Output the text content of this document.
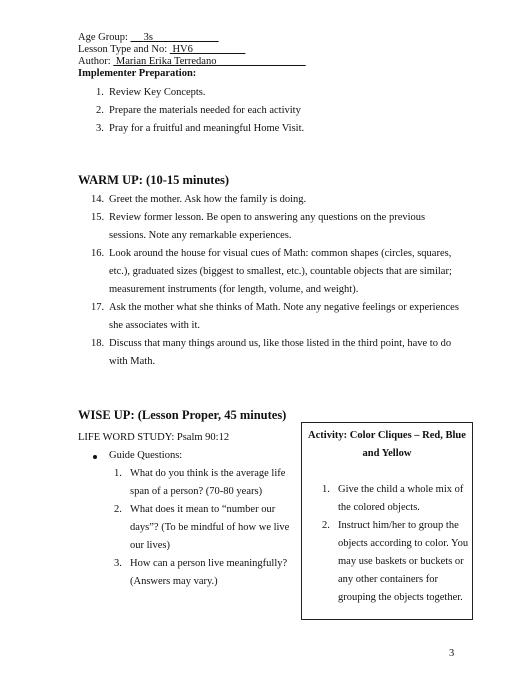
Age Group:      3s
Lesson Type and No:  HV6
Author:  Marian Erika Terredano
Implementer Preparation:
1. Review Key Concepts.
2. Prepare the materials needed for each activity
3. Pray for a fruitful and meaningful Home Visit.
WARM UP: (10-15 minutes)
14. Greet the mother. Ask how the family is doing.
15. Review former lesson. Be open to answering any questions on the previous
sessions. Note any remarkable experiences.
16. Look around the house for visual cues of Math: common shapes (circles, squares,
etc.), graduated sizes (biggest to smallest, etc.), countable objects that are similar;
measurement instruments (for length, volume, and weight).
17. Ask the mother what she thinks of Math. Note any negative feelings or experiences
she associates with it.
18. Discuss that many things around us, like those listed in the third point, have to do
with Math.
WISE UP: (Lesson Proper, 45 minutes)
LIFE WORD STUDY: Psalm 90:12
Guide Questions:
1. What do you think is the average life
span of a person? (70-80 years)
2. What does it mean to “number our
days”? (To be mindful of how we live
our lives)
3. How can a person live meaningfully?
(Answers may vary.)
Activity: Color Cliques – Red, Blue
and Yellow
1. Give the child a whole mix of
the colored objects.
2. Instruct him/her to group the
objects according to color. You
may use baskets or buckets or
any other containers for
grouping the objects together.
3
